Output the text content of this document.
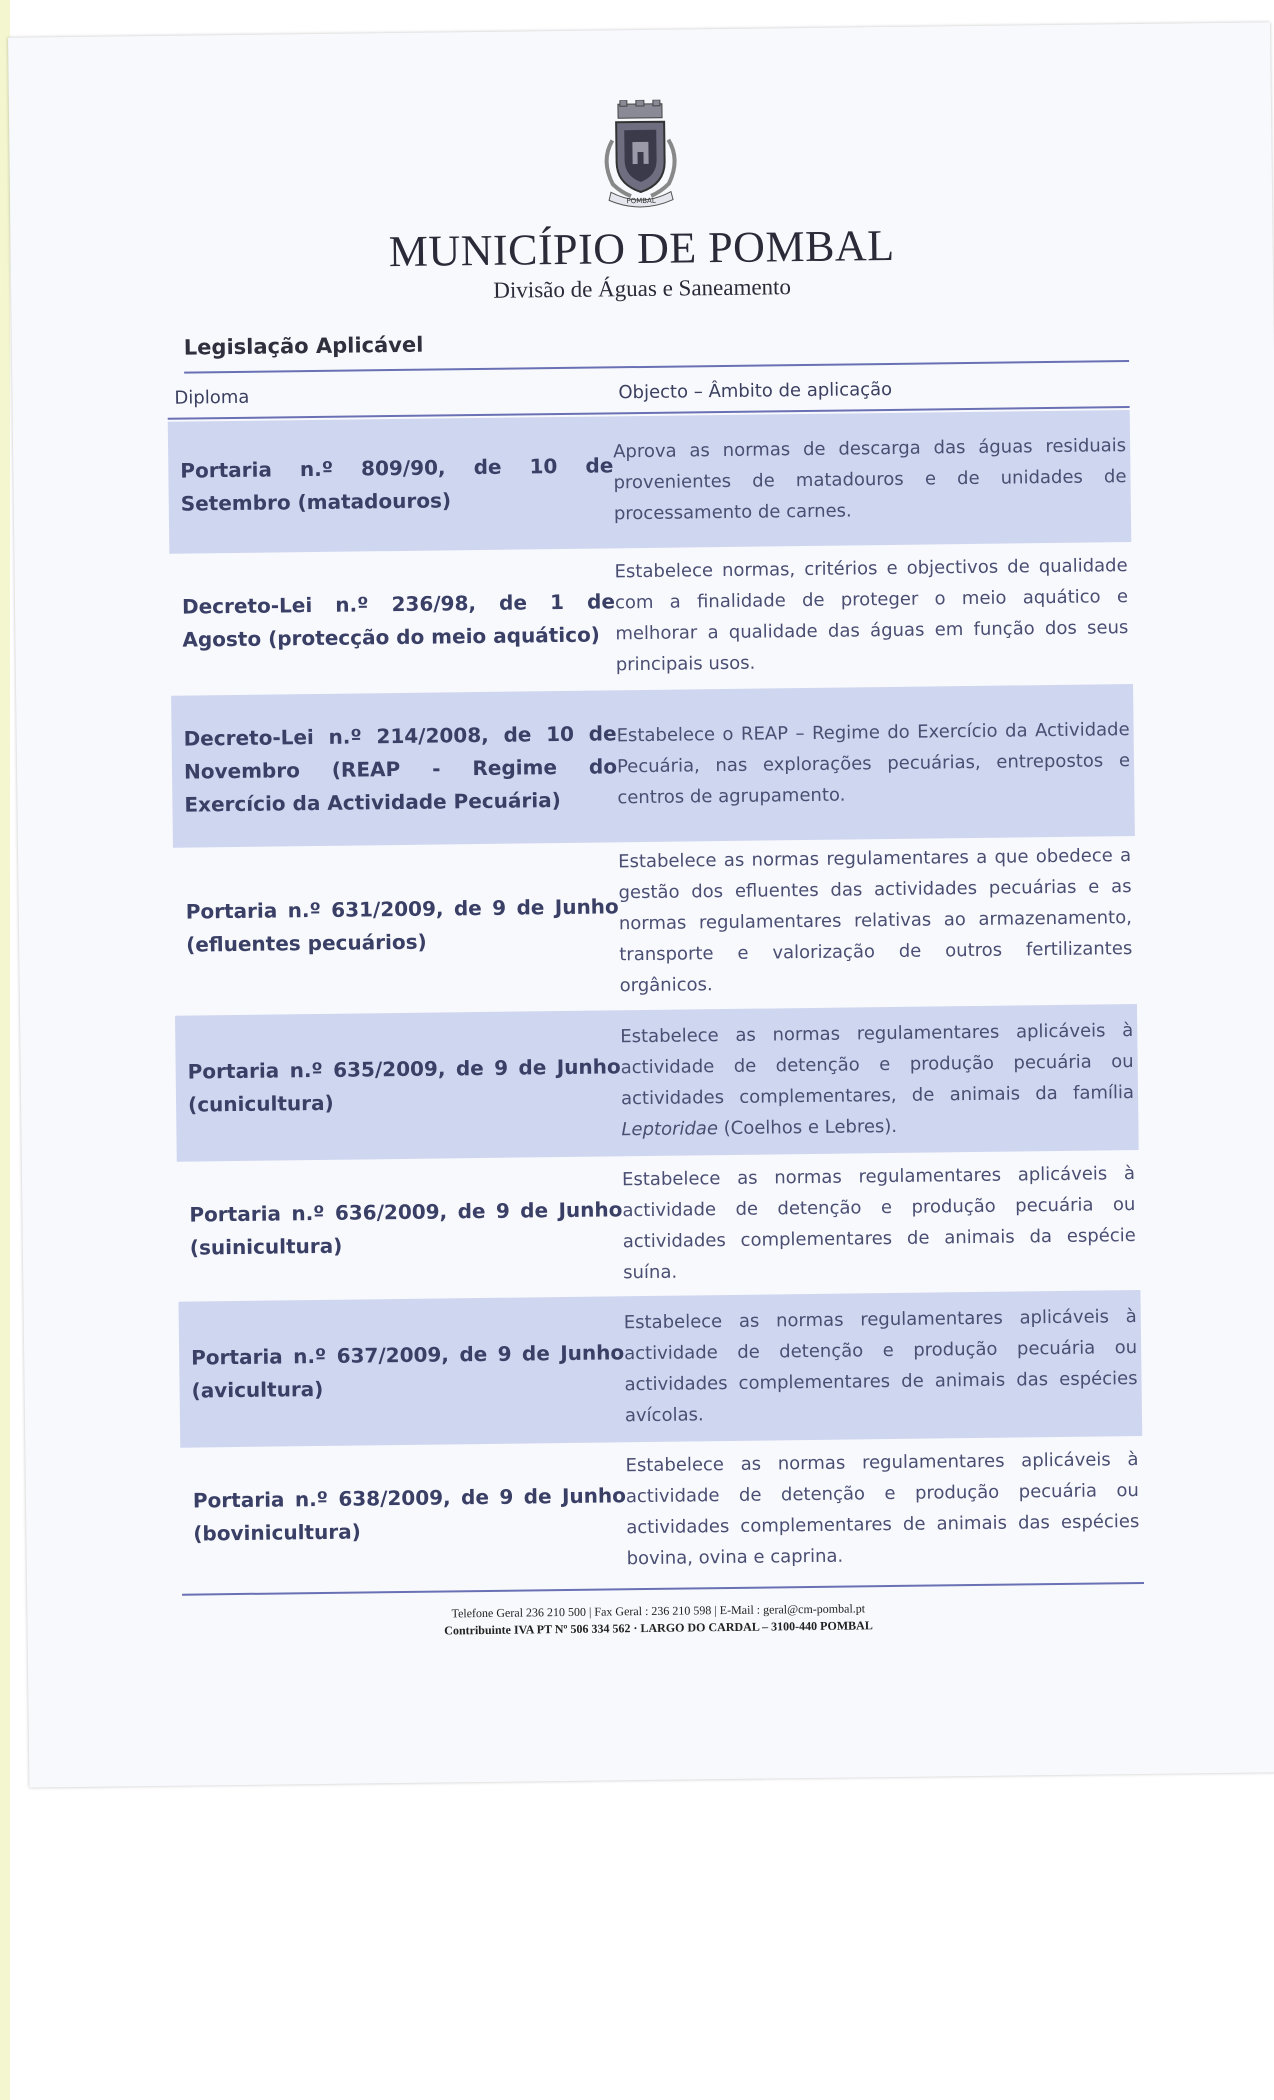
POMBAL
MUNICÍPIO DE POMBAL
Divisão de Águas e Saneamento
Legislação Aplicável
Diploma	Objecto – Âmbito de aplicação
Portaria n.º 809/90, de 10 de Setembro (matadouros)
Aprova as normas de descarga das águas residuais provenientes de matadouros e de unidades de processamento de carnes.
Decreto-Lei n.º 236/98, de 1 de Agosto (protecção do meio aquático)
Estabelece normas, critérios e objectivos de qualidade com a finalidade de proteger o meio aquático e melhorar a qualidade das águas em função dos seus principais usos.
Decreto-Lei n.º 214/2008, de 10 de Novembro (REAP - Regime do Exercício da Actividade Pecuária)
Estabelece o REAP – Regime do Exercício da Actividade Pecuária, nas explorações pecuárias, entrepostos e centros de agrupamento.
Portaria n.º 631/2009, de 9 de Junho (efluentes pecuários)
Estabelece as normas regulamentares a que obedece a gestão dos efluentes das actividades pecuárias e as normas regulamentares relativas ao armazenamento, transporte e valorização de outros fertilizantes orgânicos.
Portaria n.º 635/2009, de 9 de Junho (cunicultura)
Estabelece as normas regulamentares aplicáveis à actividade de detenção e produção pecuária ou actividades complementares, de animais da família Leptoridae (Coelhos e Lebres).
Portaria n.º 636/2009, de 9 de Junho (suinicultura)
Estabelece as normas regulamentares aplicáveis à actividade de detenção e produção pecuária ou actividades complementares de animais da espécie suína.
Portaria n.º 637/2009, de 9 de Junho (avicultura)
Estabelece as normas regulamentares aplicáveis à actividade de detenção e produção pecuária ou actividades complementares de animais das espécies avícolas.
Portaria n.º 638/2009, de 9 de Junho (bovinicultura)
Estabelece as normas regulamentares aplicáveis à actividade de detenção e produção pecuária ou actividades complementares de animais das espécies bovina, ovina e caprina.
Telefone Geral 236 210 500 | Fax Geral : 236 210 598 | E-Mail : geral@cm-pombal.pt
Contribuinte IVA PT Nº 506 334 562 · LARGO DO CARDAL – 3100-440 POMBAL
